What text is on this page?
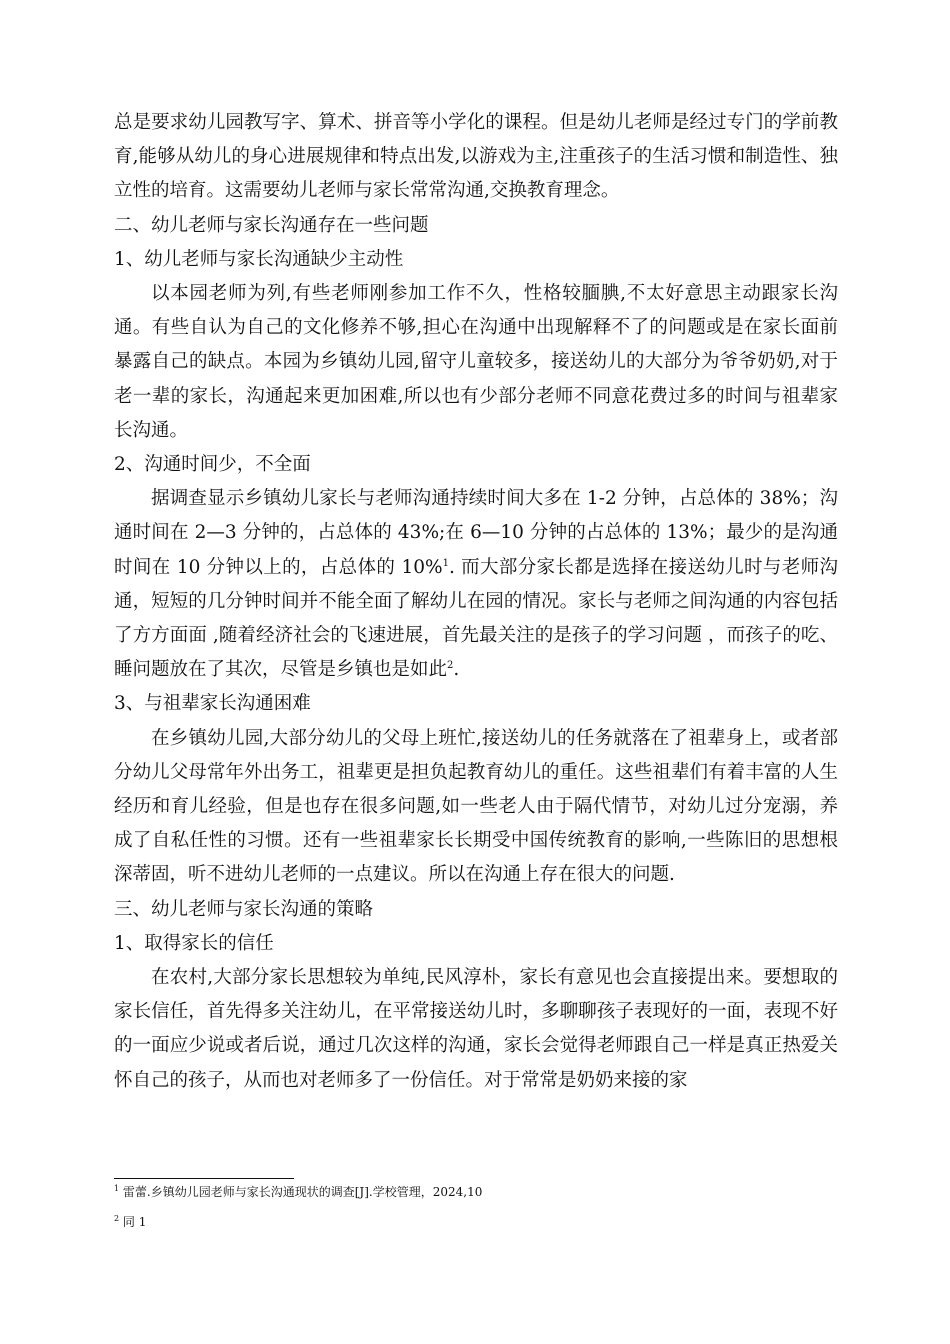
总是要求幼儿园教写字、算术、拼音等小学化的课程。但是幼儿老师是经过专门的学前教育,能够从幼儿的身心进展规律和特点出发,以游戏为主,注重孩子的生活习惯和制造性、独立性的培育。这需要幼儿老师与家长常常沟通,交换教育理念。

二、幼儿老师与家长沟通存在一些问题

1、幼儿老师与家长沟通缺少主动性

以本园老师为列,有些老师刚参加工作不久，性格较腼腆,不太好意思主动跟家长沟通。有些自认为自己的文化修养不够,担心在沟通中出现解释不了的问题或是在家长面前暴露自己的缺点。本园为乡镇幼儿园,留守儿童较多，接送幼儿的大部分为爷爷奶奶,对于老一辈的家长，沟通起来更加困难,所以也有少部分老师不同意花费过多的时间与祖辈家长沟通。

2、沟通时间少，不全面

据调查显示乡镇幼儿家长与老师沟通持续时间大多在 1-2 分钟，占总体的 38%；沟通时间在 2—3 分钟的，占总体的 43%;在 6—10 分钟的占总体的 13%；最少的是沟通时间在 10 分钟以上的，占总体的 10%$^1$. 而大部分家长都是选择在接送幼儿时与老师沟通，短短的几分钟时间并不能全面了解幼儿在园的情况。家长与老师之间沟通的内容包括了方方面面 ,随着经济社会的飞速进展，首先最关注的是孩子的学习问题 ，而孩子的吃、睡问题放在了其次，尽管是乡镇也是如此$^2$.

3、与祖辈家长沟通困难

在乡镇幼儿园,大部分幼儿的父母上班忙,接送幼儿的任务就落在了祖辈身上，或者部分幼儿父母常年外出务工，祖辈更是担负起教育幼儿的重任。这些祖辈们有着丰富的人生经历和育儿经验，但是也存在很多问题,如一些老人由于隔代情节，对幼儿过分宠溺，养成了自私任性的习惯。还有一些祖辈家长长期受中国传统教育的影响,一些陈旧的思想根深蒂固，听不进幼儿老师的一点建议。所以在沟通上存在很大的问题.

三、幼儿老师与家长沟通的策略

1、取得家长的信任

在农村,大部分家长思想较为单纯,民风淳朴，家长有意见也会直接提出来。要想取的家长信任，首先得多关注幼儿，在平常接送幼儿时，多聊聊孩子表现好的一面，表现不好的一面应少说或者后说，通过几次这样的沟通，家长会觉得老师跟自己一样是真正热爱关怀自己的孩子，从而也对老师多了一份信任。对于常常是奶奶来接的家

$^1$ 雷蕾.乡镇幼儿园老师与家长沟通现状的调查[J].学校管理，2024,10

$^2$ 同 1
